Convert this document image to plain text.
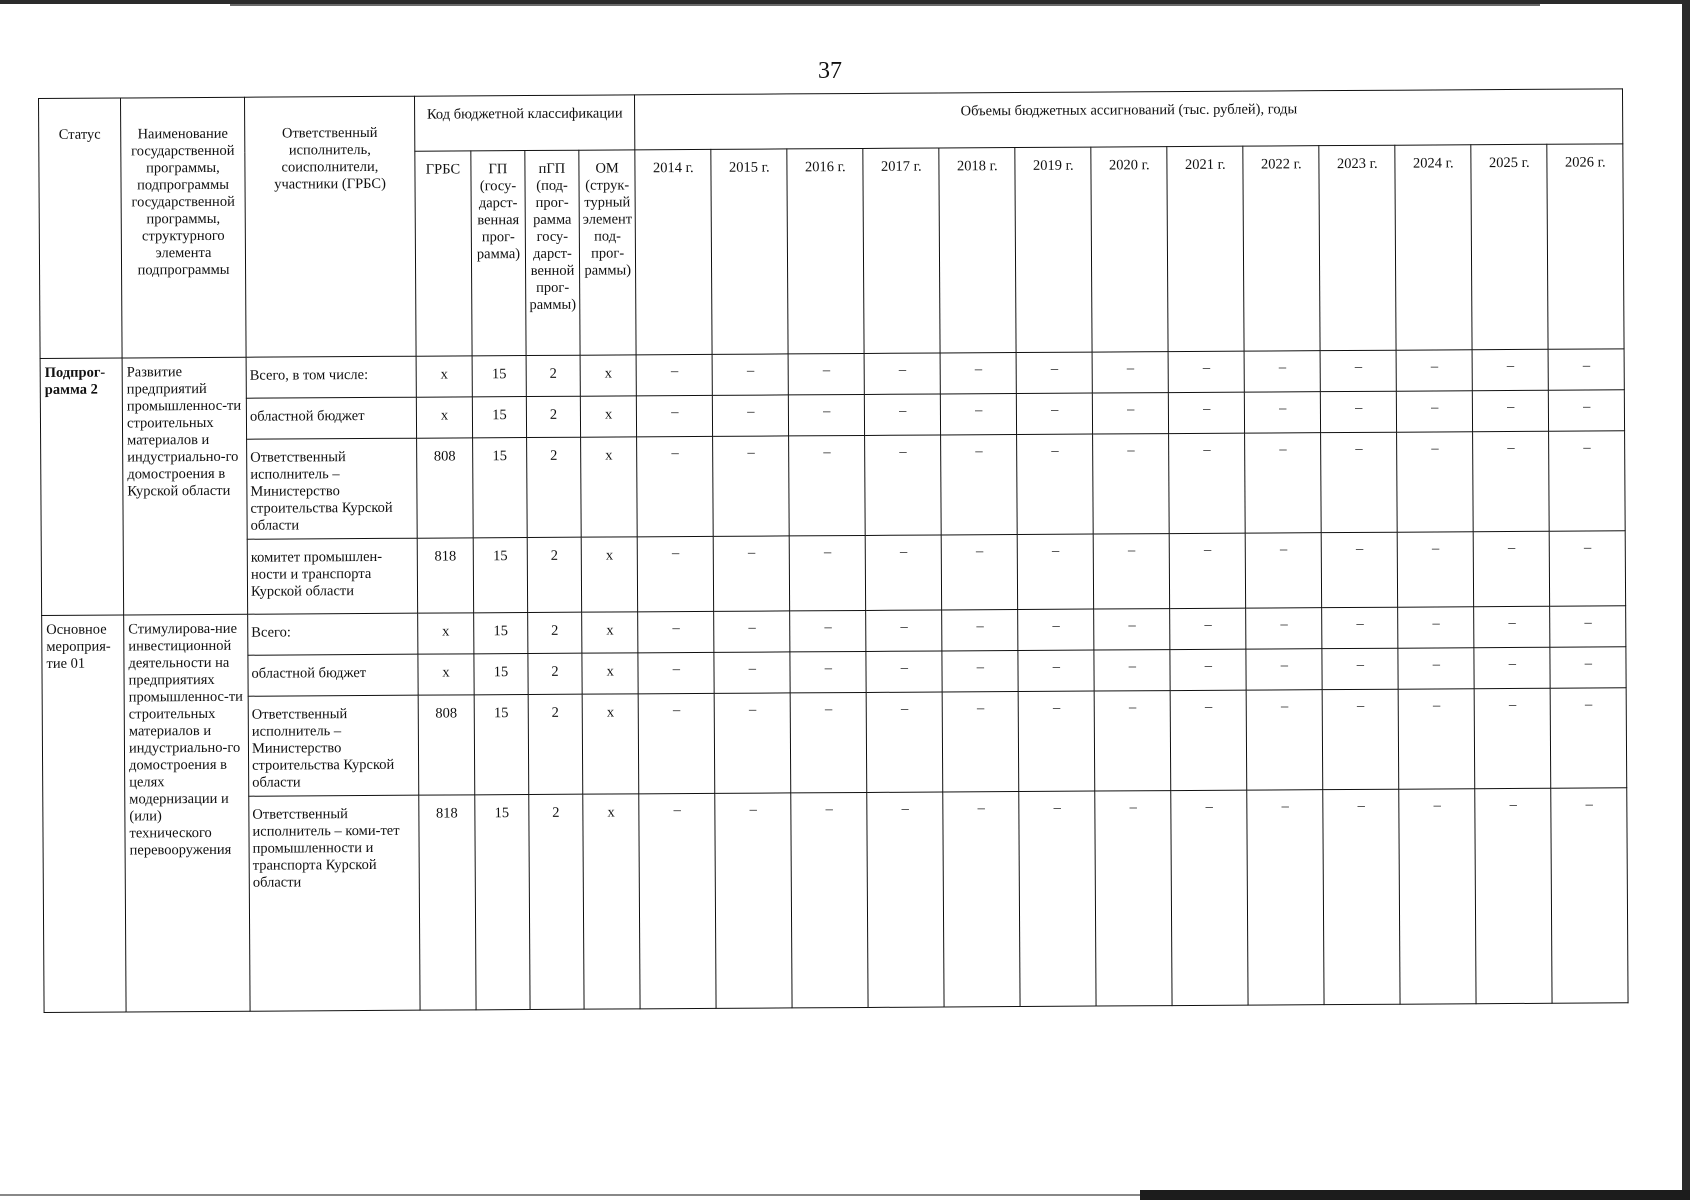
37
Статус	Наименование государственной программы, подпрограммы государственной программы, структурного элемента подпрограммы	Ответственный исполнитель, соисполнители, участники (ГРБС)	Код бюджетной классификации				Объемы бюджетных ассигнований (тыс. рублей), годы												
			ГРБС	ГП (госу-дарст-венная прог-рамма)	пГП (под-прог-рамма госу-дарст-венной прог-раммы)	ОМ (струк-турный элемент под-прог-раммы)	2014 г.	2015 г.	2016 г.	2017 г.	2018 г.	2019 г.	2020 г.	2021 г.	2022 г.	2023 г.	2024 г.	2025 г.	2026 г.
Подпрог-рамма 2	Развитие предприятий промышленнос-ти строительных материалов и индустриально-го домостроения в Курской области	Всего, в том числе:	х	15	2	х	–	–	–	–	–	–	–	–	–	–	–	–	–
		областной бюджет	х	15	2	х	–	–	–	–	–	–	–	–	–	–	–	–	–
		Ответственный исполнитель – Министерство строительства Курской области	808	15	2	х	–	–	–	–	–	–	–	–	–	–	–	–	–
		комитет промышлен-ности и транспорта Курской области	818	15	2	х	–	–	–	–	–	–	–	–	–	–	–	–	–
Основное мероприя-тие 01	Стимулирова-ние инвестиционной деятельности на предприятиях промышленнос-ти строительных материалов и индустриально-го домостроения в целях модернизации и (или) технического перевооружения	Всего:	х	15	2	х	–	–	–	–	–	–	–	–	–	–	–	–	–
		областной бюджет	х	15	2	х	–	–	–	–	–	–	–	–	–	–	–	–	–
		Ответственный исполнитель – Министерство строительства Курской области	808	15	2	х	–	–	–	–	–	–	–	–	–	–	–	–	–
		Ответственный исполнитель – коми-тет промышленности и транспорта Курской области	818	15	2	х	–	–	–	–	–	–	–	–	–	–	–	–	–
